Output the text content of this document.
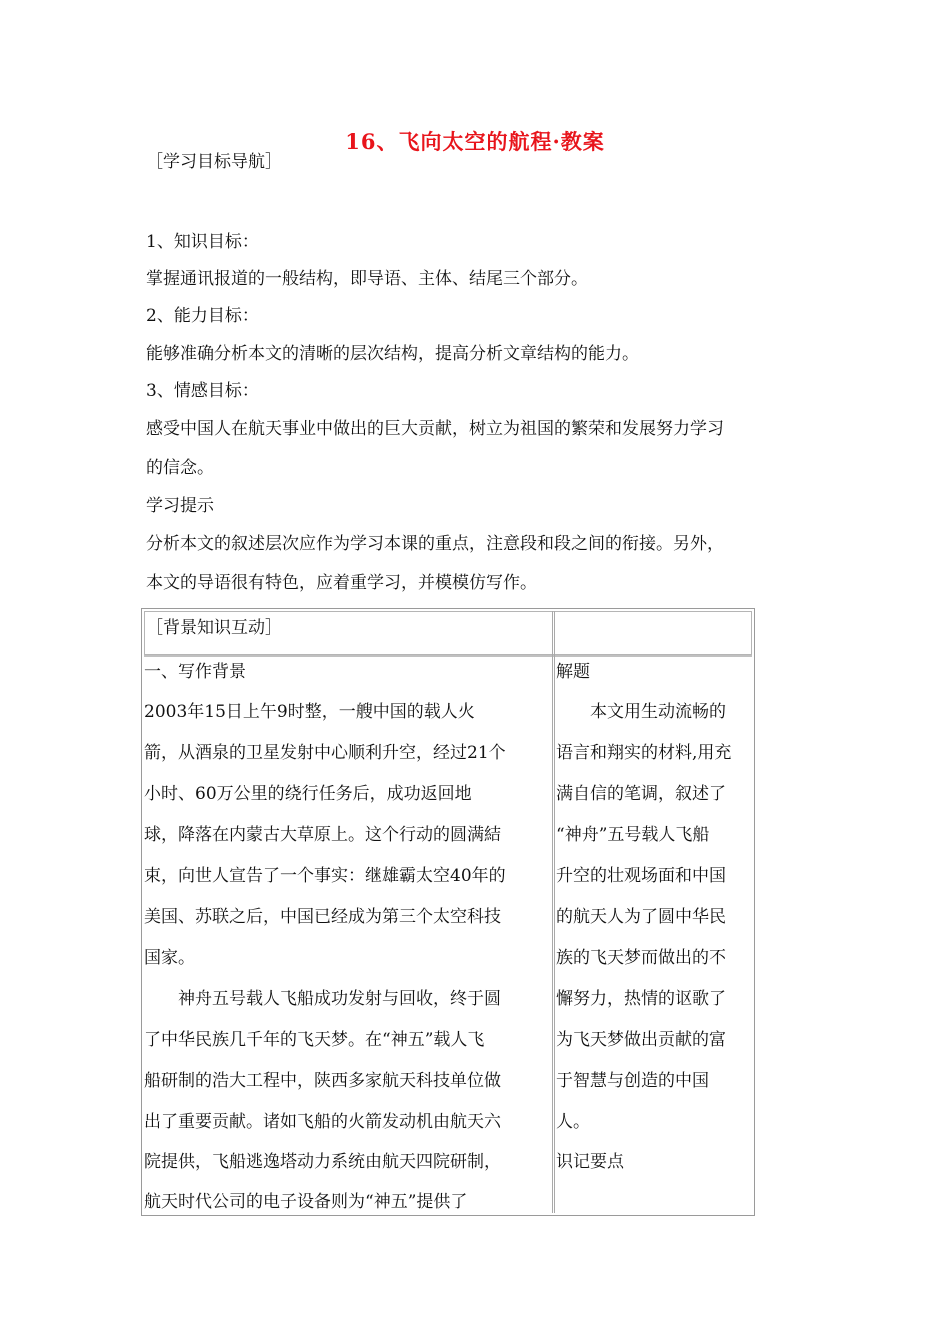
16、飞向太空的航程·教案
［学习目标导航］
1、知识目标：
掌握通讯报道的一般结构，即导语、主体、结尾三个部分。
2、能力目标：
能够准确分析本文的清晰的层次结构，提高分析文章结构的能力。
3、情感目标：
感受中国人在航天事业中做出的巨大贡献，树立为祖国的繁荣和发展努力学习
的信念。
学习提示
分析本文的叙述层次应作为学习本课的重点，注意段和段之间的衔接。另外，
本文的导语很有特色，应着重学习，并模模仿写作。
［背景知识互动］
一、写作背景
2003年15日上午9时整，一艘中国的载人火
箭，从酒泉的卫星发射中心顺利升空，经过21个
小时、60万公里的绕行任务后，成功返回地
球，降落在内蒙古大草原上。这个行动的圆满結
束，向世人宣告了一个事实：继雄霸太空40年的
美国、苏联之后，中国已经成为第三个太空科技
国家。
　　神舟五号载人飞船成功发射与回收，终于圆
了中华民族几千年的飞天梦。在“神五”载人飞
船研制的浩大工程中，陕西多家航天科技单位做
出了重要贡献。诸如飞船的火箭发动机由航天六
院提供，飞船逃逸塔动力系统由航天四院研制，
航天时代公司的电子设备则为“神五”提供了
解题
　　本文用生动流畅的
语言和翔实的材料,用充
满自信的笔调，叙述了
“神舟”五号载人飞船
升空的壮观场面和中国
的航天人为了圆中华民
族的飞天梦而做出的不
懈努力，热情的讴歌了
为飞天梦做出贡献的富
于智慧与创造的中国
人。
识记要点
